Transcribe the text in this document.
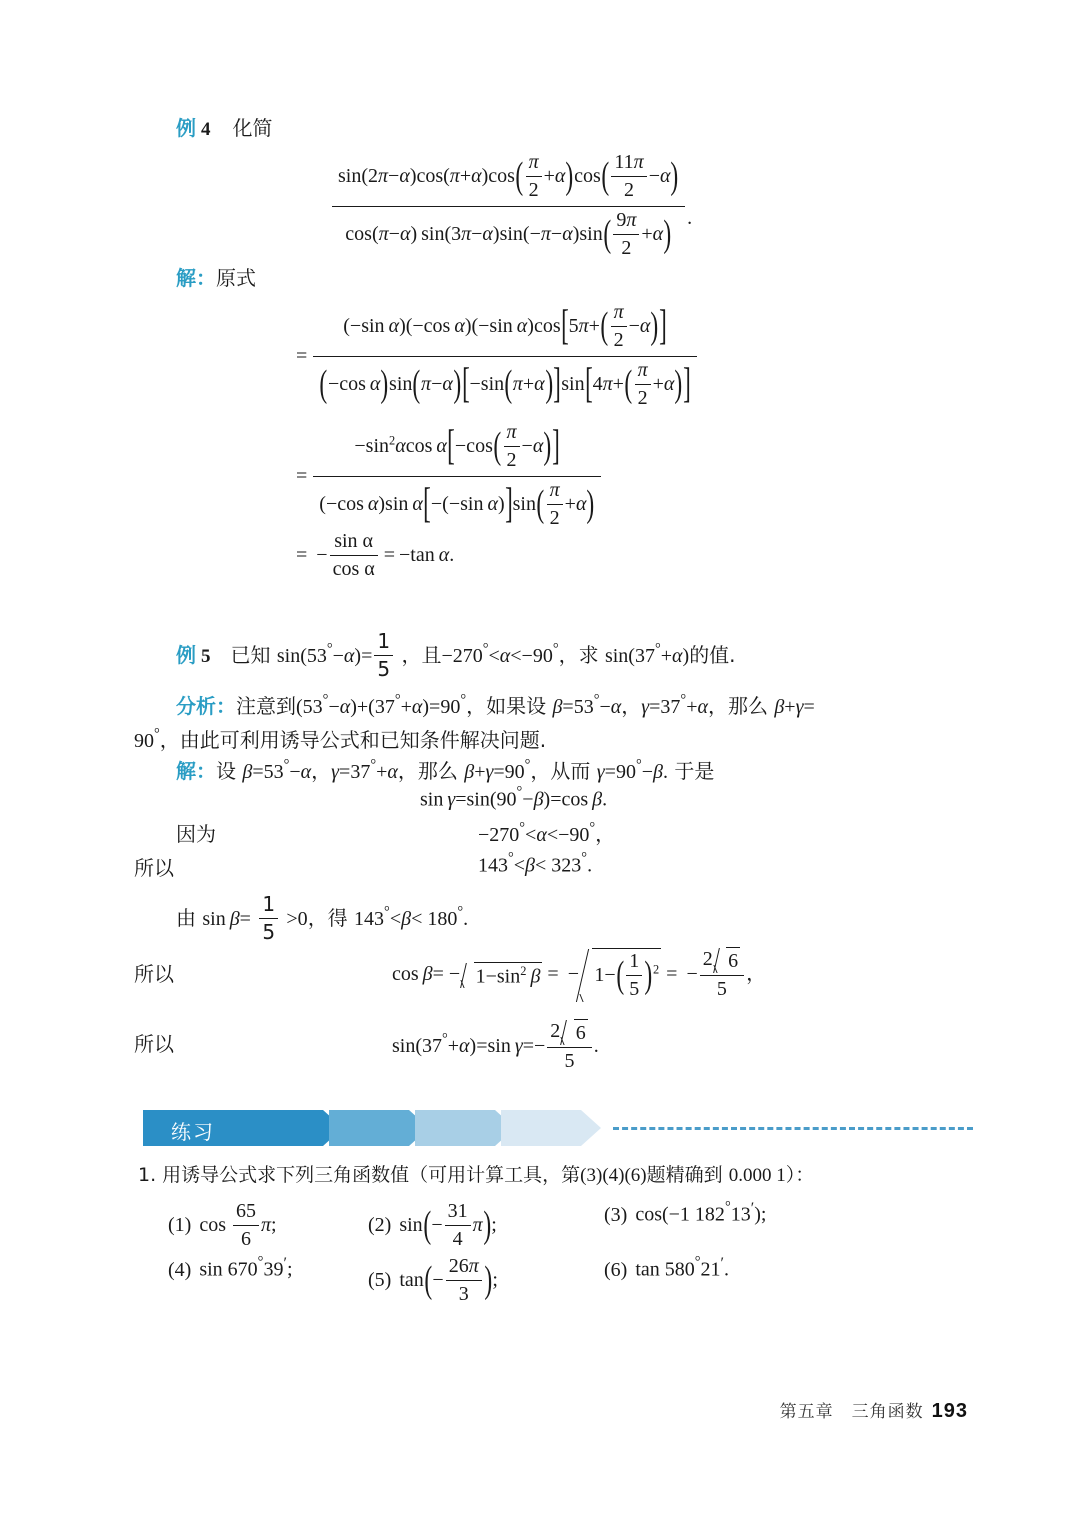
例 4 化简
$\frac{\sin(2\pi-\alpha)\cos(\pi+\alpha)\cos( \frac{\pi}{2} +\alpha)\cos( \frac{11\pi}{2} -\alpha)}{\cos(\pi-\alpha) \sin(3\pi-\alpha)\sin(-\pi-\alpha)\sin( \frac{9\pi}{2} +\alpha)}$ .
解：原式
= $\frac{(-\sin \alpha)(-\cos \alpha)(-\sin \alpha)\cos[5\pi+( \frac{\pi}{2} -\alpha)]}{(-\cos \alpha)\sin(\pi-\alpha)[-\sin(\pi+\alpha)]\sin[4\pi+( \frac{\pi}{2} +\alpha)]}$
= $\frac{-\sin^2\alpha\cos \alpha[-\cos( \frac{\pi}{2} -\alpha)]}{(-\cos \alpha)\sin \alpha[-(-\sin \alpha)]\sin( \frac{\pi}{2} +\alpha)}$
= − $\frac{\text{sin α}}{\text{cos α}} = -\tan$ α.
例 5 已知 $\sin(53^\circ-\alpha)= \frac{1}{5}$ ，且−270°<α<−90°，求 sin(37°+α)的值.
分析：注意到(53°−α)+(37°+α)=90°，如果设 β=53°−α，γ=37°+α，那么 β+γ=
90°，由此可利用诱导公式和已知条件解决问题.
解：设 β=53°−α，γ=37°+α，那么 β+γ=90°，从而 γ=90°−β. 于是
sin γ=sin(90°−β)=cos β.
因为	−270°<α<−90°，
所以	143°<β< 323°.
由 $\sin \beta= \frac{1}{5} >0$，得 143°<β< 180°.
所以	$\cos \beta= - 1-\sin^2$  β = − $1-( \frac{1}{5} )^2$ = − $\frac{2 6}{5}$ ，
所以	sin(37°+α)=sin $\gamma=- \frac{2 6}{5}$ .
练习
1. 用诱导公式求下列三角函数值（可用计算工具，第(3)(4)(6)题精确到 0.000 1）：
(1) $\cos \frac{65}{6} \pi$;	(2) $\sin(- \frac{31}{4} \pi)$;	(3) cos(−1 182°13′);
(4) sin 670°39′;	(5) $\tan(- \frac{26\pi}{3}$ );	(6) tan 580°21′.
第五章　三角函数 193
